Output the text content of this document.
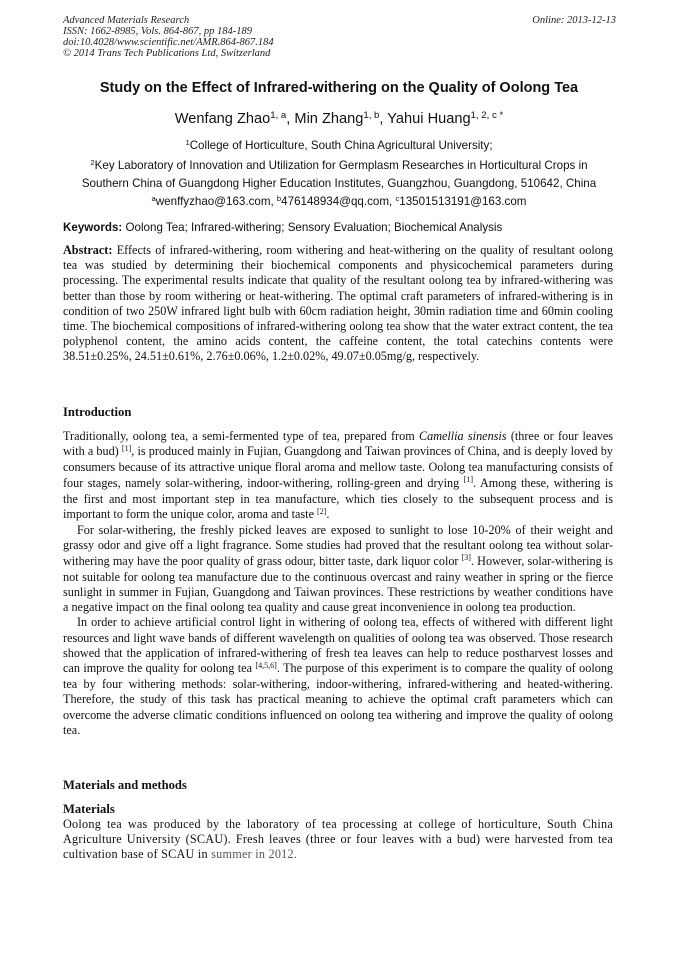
Advanced Materials Research
ISSN: 1662-8985, Vols. 864-867, pp 184-189
doi:10.4028/www.scientific.net/AMR.864-867.184
© 2014 Trans Tech Publications Ltd, Switzerland
Online: 2013-12-13
Study on the Effect of Infrared-withering on the Quality of Oolong Tea
Wenfang Zhao$^{1, a}$, Min Zhang$^{1, b}$, Yahui Huang$^{1, 2, c *}$
$^1$College of Horticulture, South China Agricultural University;
$^2$Key Laboratory of Innovation and Utilization for Germplasm Researches in Horticultural Crops in
Southern China of Guangdong Higher Education Institutes, Guangzhou, Guangdong, 510642, China
$^a$wenffyzhao@163.com, $^b$476148934@qq.com, $^c$13501513191@163.com
Keywords: Oolong Tea; Infrared-withering; Sensory Evaluation; Biochemical Analysis

Abstract: Effects of infrared-withering, room withering and heat-withering on the quality of resultant oolong tea was studied by determining their biochemical components and physicochemical parameters during processing. The experimental results indicate that quality of the resultant oolong tea by infrared-withering was better than those by room withering or heat-withering. The optimal craft parameters of infrared-withering is in condition of two 250W infrared light bulb with 60cm radiation height, 30min radiation time and 60min cooling time. The biochemical compositions of infrared-withering oolong tea show that the water extract content, the tea polyphenol content, the amino acids content, the caffeine content, the total catechins contents were 38.51±0.25%, 24.51±0.61%, 2.76±0.06%, 1.2±0.02%, 49.07±0.05mg/g, respectively.

Introduction

Traditionally, oolong tea, a semi-fermented type of tea, prepared from Camellia sinensis (three or four leaves with a bud) [1], is produced mainly in Fujian, Guangdong and Taiwan provinces of China, and is deeply loved by consumers because of its attractive unique floral aroma and mellow taste. Oolong tea manufacturing consists of four stages, namely solar-withering, indoor-withering, rolling-green and drying [1]. Among these, withering is the first and most important step in tea manufacture, which ties closely to the subsequent process and is important to form the unique color, aroma and taste [2].

For solar-withering, the freshly picked leaves are exposed to sunlight to lose 10-20% of their weight and grassy odor and give off a light fragrance. Some studies had proved that the resultant oolong tea without solar-withering may have the poor quality of grass odour, bitter taste, dark liquor color [3]. However, solar-withering is not suitable for oolong tea manufacture due to the continuous overcast and rainy weather in spring or the fierce sunlight in summer in Fujian, Guangdong and Taiwan provinces. These restrictions by weather conditions have a negative impact on the final oolong tea quality and cause great inconvenience in oolong tea production.

In order to achieve artificial control light in withering of oolong tea, effects of withered with different light resources and light wave bands of different wavelength on qualities of oolong tea was observed. Those research showed that the application of infrared-withering of fresh tea leaves can help to reduce postharvest losses and can improve the quality for oolong tea [4,5,6]. The purpose of this experiment is to compare the quality of oolong tea by four withering methods: solar-withering, indoor-withering, infrared-withering and heated-withering. Therefore, the study of this task has practical meaning to achieve the optimal craft parameters which can overcome the adverse climatic conditions influenced on oolong tea withering and improve the quality of oolong tea.

Materials and methods
Materials

Oolong tea was produced by the laboratory of tea processing at college of horticulture, South China Agriculture University (SCAU). Fresh leaves (three or four leaves with a bud) were harvested from tea cultivation base of SCAU in summer in 2012.
